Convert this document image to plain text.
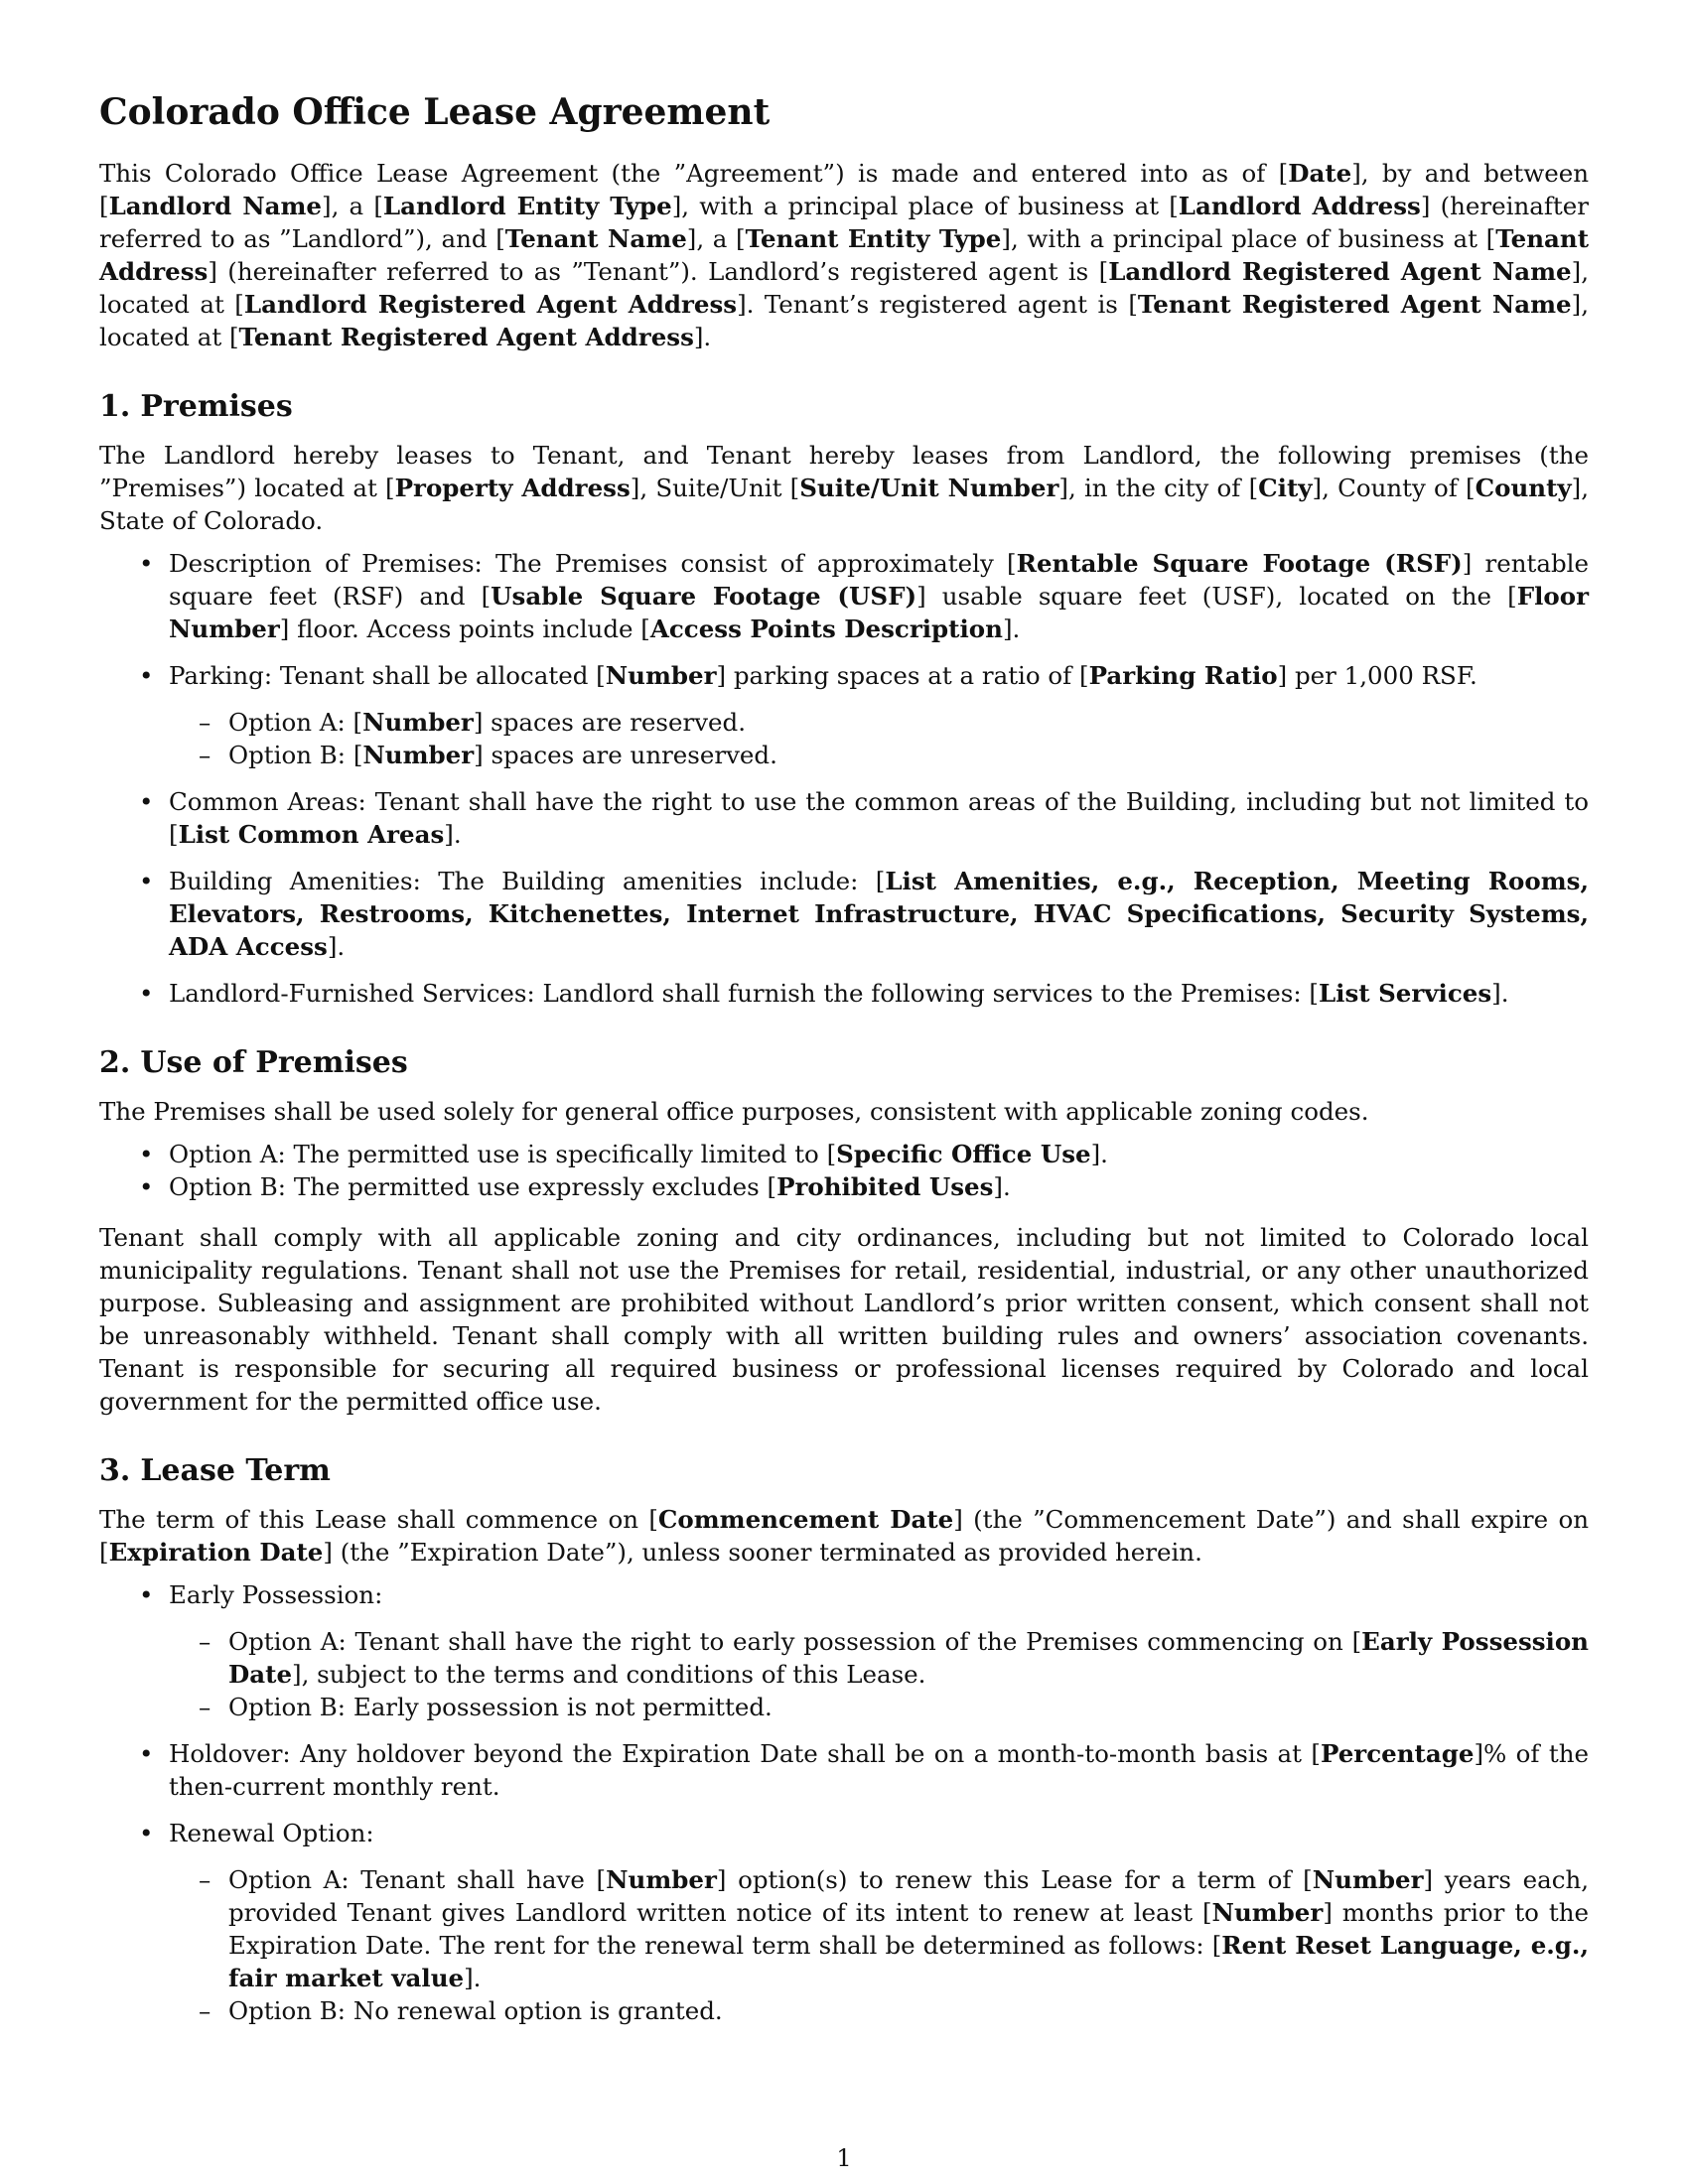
Colorado Office Lease Agreement

This Colorado Office Lease Agreement (the ”Agreement”) is made and entered into as of [Date], by and between [Landlord Name], a [Landlord Entity Type], with a principal place of business at [Landlord Address] (hereinafter referred to as ”Landlord”), and [Tenant Name], a [Tenant Entity Type], with a principal place of business at [Tenant Address] (hereinafter referred to as ”Tenant”). Landlord’s registered agent is [Landlord Registered Agent Name], located at [Landlord Registered Agent Address]. Tenant’s registered agent is [Tenant Registered Agent Name], located at [Tenant Registered Agent Address].

1. Premises

The Landlord hereby leases to Tenant, and Tenant hereby leases from Landlord, the following premises (the ”Premises”) located at [Property Address], Suite/Unit [Suite/Unit Number], in the city of [City], County of [County], State of Colorado.

• Description of Premises: The Premises consist of approximately [Rentable Square Footage (RSF)] rentable square feet (RSF) and [Usable Square Footage (USF)] usable square feet (USF), located on the [Floor Number] floor. Access points include [Access Points Description].
• Parking: Tenant shall be allocated [Number] parking spaces at a ratio of [Parking Ratio] per 1,000 RSF.
– Option A: [Number] spaces are reserved.
– Option B: [Number] spaces are unreserved.
• Common Areas: Tenant shall have the right to use the common areas of the Building, including but not limited to [List Common Areas].
• Building Amenities: The Building amenities include: [List Amenities, e.g., Reception, Meeting Rooms, Elevators, Restrooms, Kitchenettes, Internet Infrastructure, HVAC Specifications, Security Systems, ADA Access].
• Landlord-Furnished Services: Landlord shall furnish the following services to the Premises: [List Services].
2. Use of Premises

The Premises shall be used solely for general office purposes, consistent with applicable zoning codes.

• Option A: The permitted use is specifically limited to [Specific Office Use].
• Option B: The permitted use expressly excludes [Prohibited Uses].

Tenant shall comply with all applicable zoning and city ordinances, including but not limited to Colorado local municipality regulations. Tenant shall not use the Premises for retail, residential, industrial, or any other unauthorized purpose. Subleasing and assignment are prohibited without Landlord’s prior written consent, which consent shall not be unreasonably withheld. Tenant shall comply with all written building rules and owners’ association covenants. Tenant is responsible for securing all required business or professional licenses required by Colorado and local government for the permitted office use.

3. Lease Term

The term of this Lease shall commence on [Commencement Date] (the ”Commencement Date”) and shall expire on [Expiration Date] (the ”Expiration Date”), unless sooner terminated as provided herein.

• Early Possession:
– Option A: Tenant shall have the right to early possession of the Premises commencing on [Early Possession Date], subject to the terms and conditions of this Lease.
– Option B: Early possession is not permitted.
• Holdover: Any holdover beyond the Expiration Date shall be on a month-to-month basis at [Percentage]% of the then-current monthly rent.
• Renewal Option:
– Option A: Tenant shall have [Number] option(s) to renew this Lease for a term of [Number] years each, provided Tenant gives Landlord written notice of its intent to renew at least [Number] months prior to the Expiration Date. The rent for the renewal term shall be determined as follows: [Rent Reset Language, e.g., fair market value].
– Option B: No renewal option is granted.
1
